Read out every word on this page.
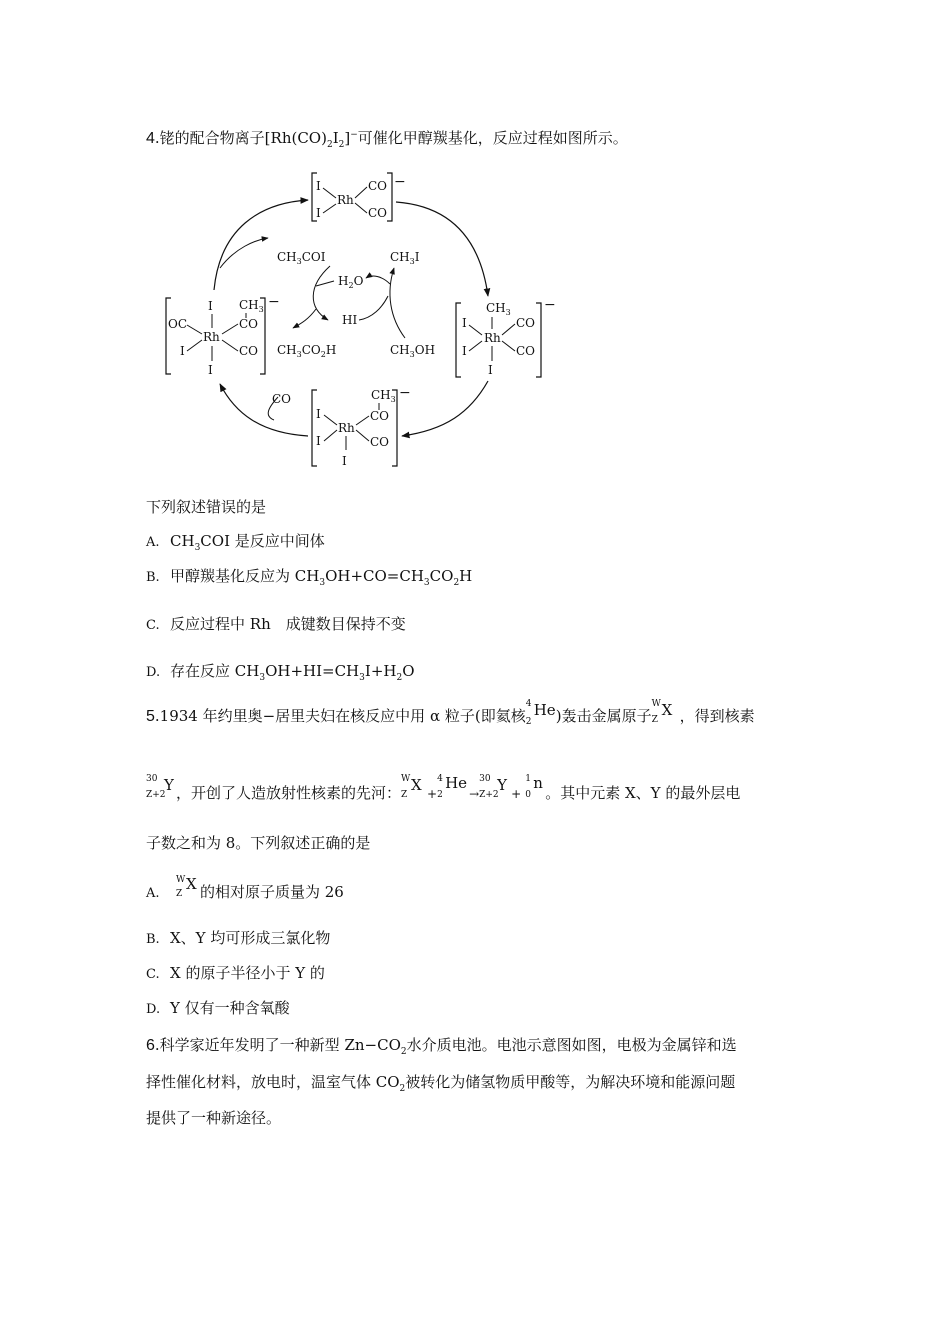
4.铑的配合物离子$[Rh(CO)_2I_2]^-$可催化甲醇羰基化，反应过程如图所示。
I
I
Rh
CO
CO
−
$CH_3$
Rh
I
I
CO
CO
I
−
$CH_3$
CO
I
I
Rh
CO
I
−
I $CH_3$
CO
OC
Rh
I	CO
I
−
CO
$CH_3COI$
$H_2O$
HI
$CH_3CO_2H$
$CH_3I$
$CH_3OH$
下列叙述错误的是
A. $CH_3COI$ 是反应中间体
B. 甲醇羰基化反应为 $CH_3OH+CO=CH_3CO_2H$
C. 反应过程中 Rh　成键数目保持不变
D. 存在反应 $CH_3OH+HI=CH_3I+H_2O$
5.1934 年约里奥−居里夫妇在核反应中用 α 粒子(即氦核
4
2
He)轰击金属原子
W
Z
X ，得到核素
30
Z+2
Y ，开创了人造放射性核素的先河：
W
Z
X +
4
2
He→
30
Z+2
Y +
1
0
n。其中元素 X、Y 的最外层电
子数之和为 8。下列叙述正确的是
A.
W
Z
X 的相对原子质量为 26
B. X、Y 均可形成三氯化物
C. X 的原子半径小于 Y 的
D. Y 仅有一种含氧酸
6.科学家近年发明了一种新型 $Zn-CO_2$水介质电池。电池示意图如图，电极为金属锌和选
择性催化材料，放电时，温室气体 $CO_2$被转化为储氢物质甲酸等，为解决环境和能源问题
提供了一种新途径。
